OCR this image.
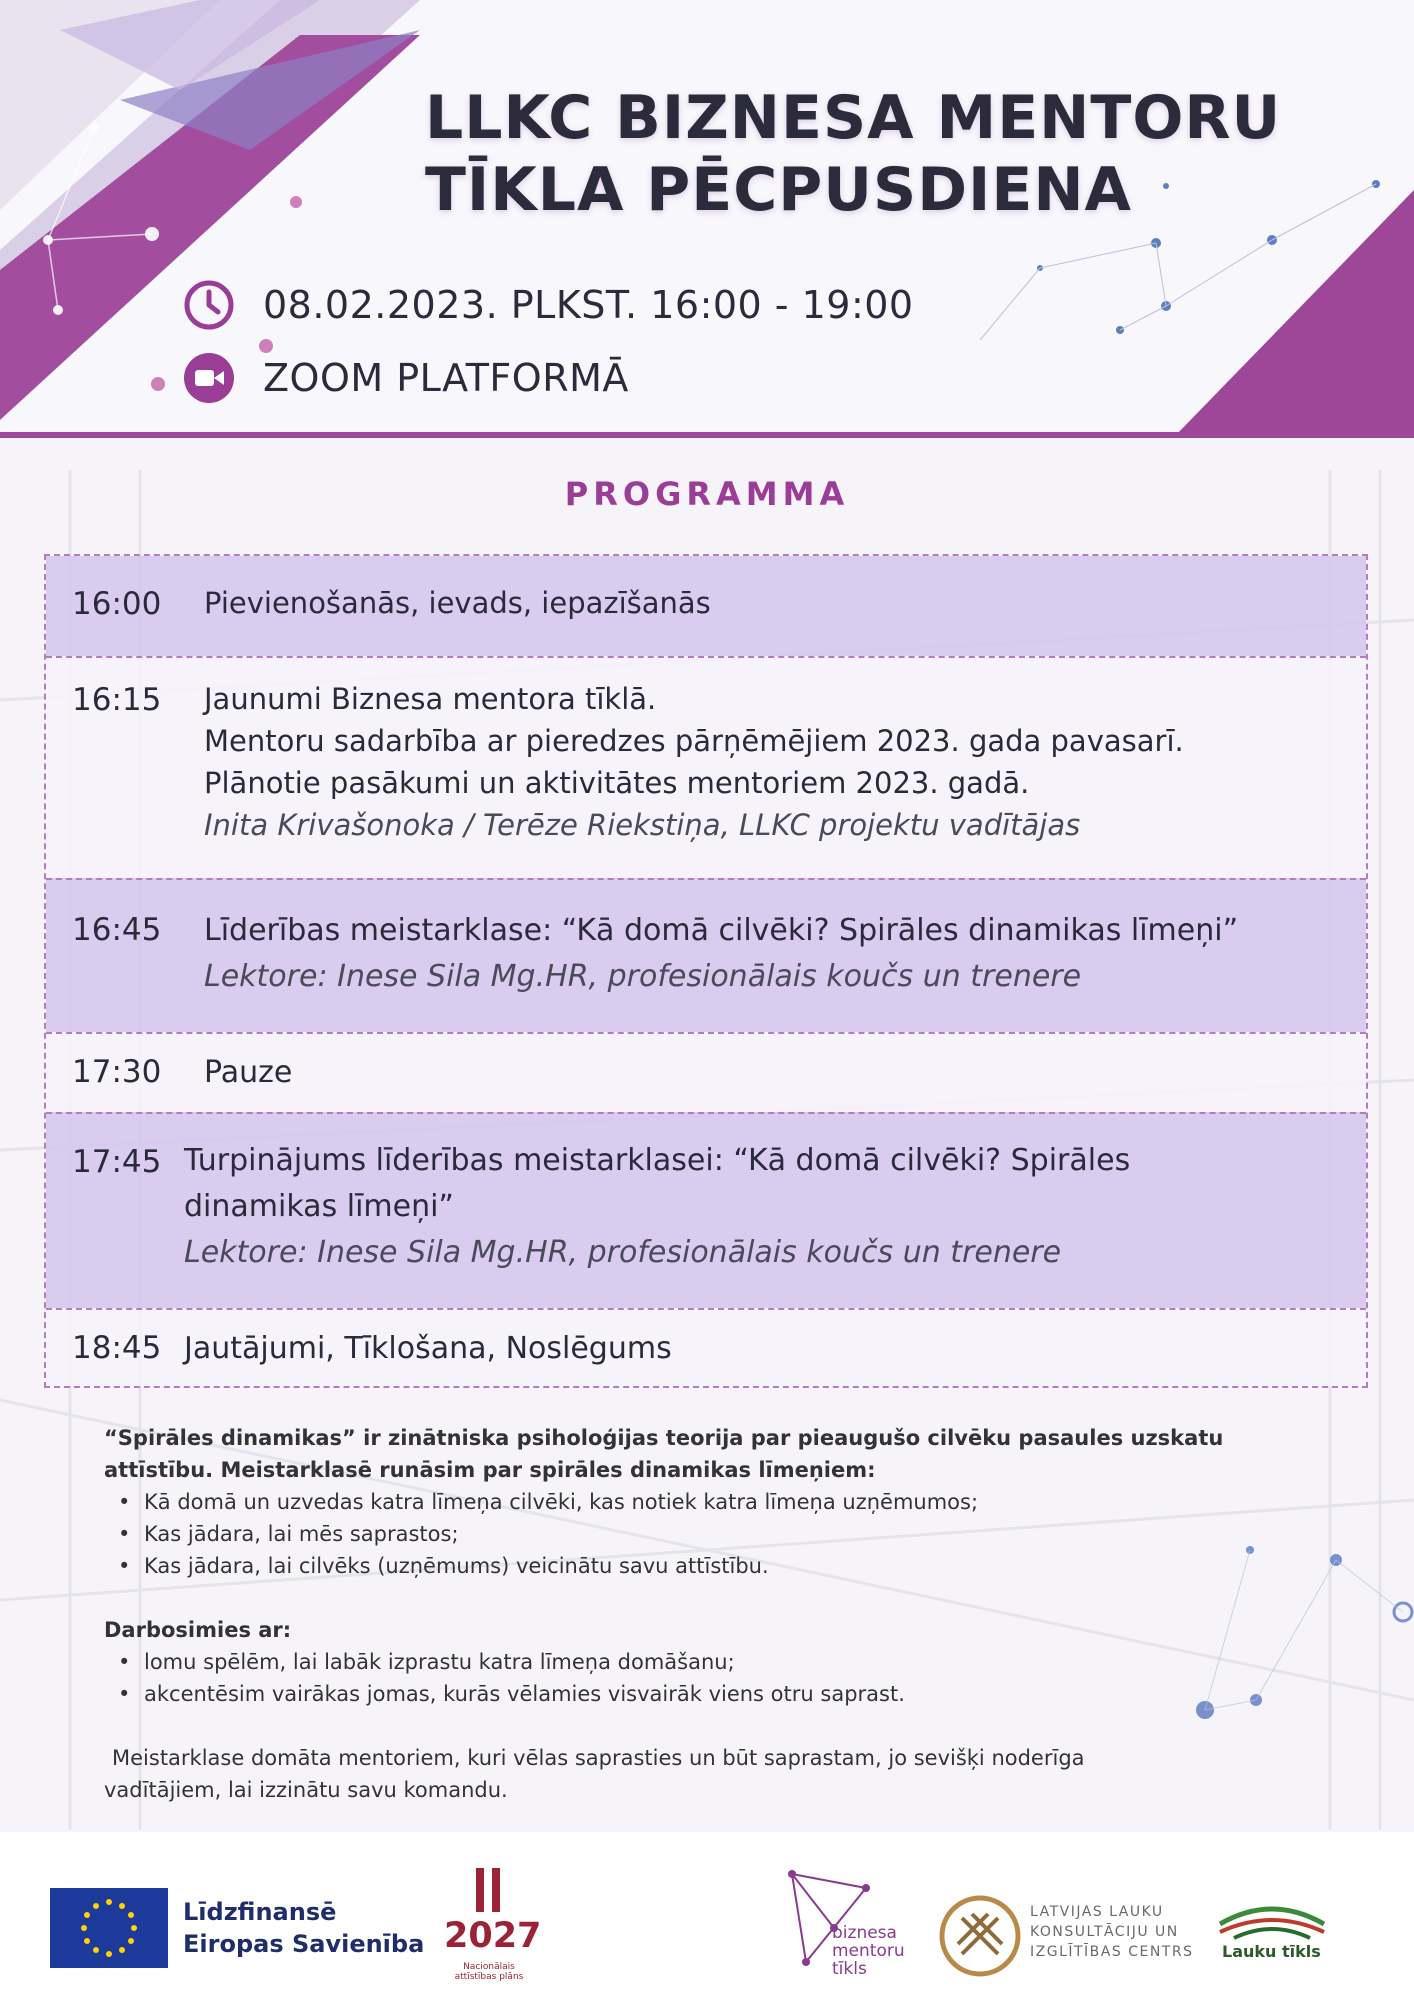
LLKC BIZNESA MENTORU
TĪKLA PĒCPUSDIENA
08.02.2023. PLKST. 16:00 - 19:00
ZOOM PLATFORMĀ
PROGRAMMA
16:00 Pievienošanās, ievads, iepazīšanās
16:15 Jaunumi Biznesa mentora tīklā.
Mentoru sadarbība ar pieredzes pārņēmējiem 2023. gada pavasarī.
Plānotie pasākumi un aktivitātes mentoriem 2023. gadā.
Inita Krivašonoka / Terēze Riekstiņa, LLKC projektu vadītājas
16:45 Līderības meistarklase: “Kā domā cilvēki? Spirāles dinamikas līmeņi”
Lektore: Inese Sila Mg.HR, profesionālais koučs un trenere
17:30 Pauze
17:45 Turpinājums līderības meistarklasei: “Kā domā cilvēki? Spirāles
dinamikas līmeņi”
Lektore: Inese Sila Mg.HR, profesionālais koučs un trenere
18:45 Jautājumi, Tīklošana, Noslēgums
“Spirāles dinamikas” ir zinātniska psiholoģijas teorija par pieaugušo cilvēku pasaules uzskatu
attīstību. Meistarklasē runāsim par spirāles dinamikas līmeņiem:
• Kā domā un uzvedas katra līmeņa cilvēki, kas notiek katra līmeņa uzņēmumos;
• Kas jādara, lai mēs saprastos;
• Kas jādara, lai cilvēks (uzņēmums) veicinātu savu attīstību.
Darbosimies ar:
• lomu spēlēm, lai labāk izprastu katra līmeņa domāšanu;
• akcentēsim vairākas jomas, kurās vēlamies visvairāk viens otru saprast.
Meistarklase domāta mentoriem, kuri vēlas saprasties un būt saprastam, jo sevišķi noderīga
vadītājiem, lai izzinātu savu komandu.
Līdzfinansē
Eiropas Savienība 2027
Nacionālais attīstības plāns
biznesa
mentoru
tīkls
LATVIJAS LAUKU
KONSULTĀCIJU UN
IZGLĪTĪBAS CENTRS Lauku tīkls
